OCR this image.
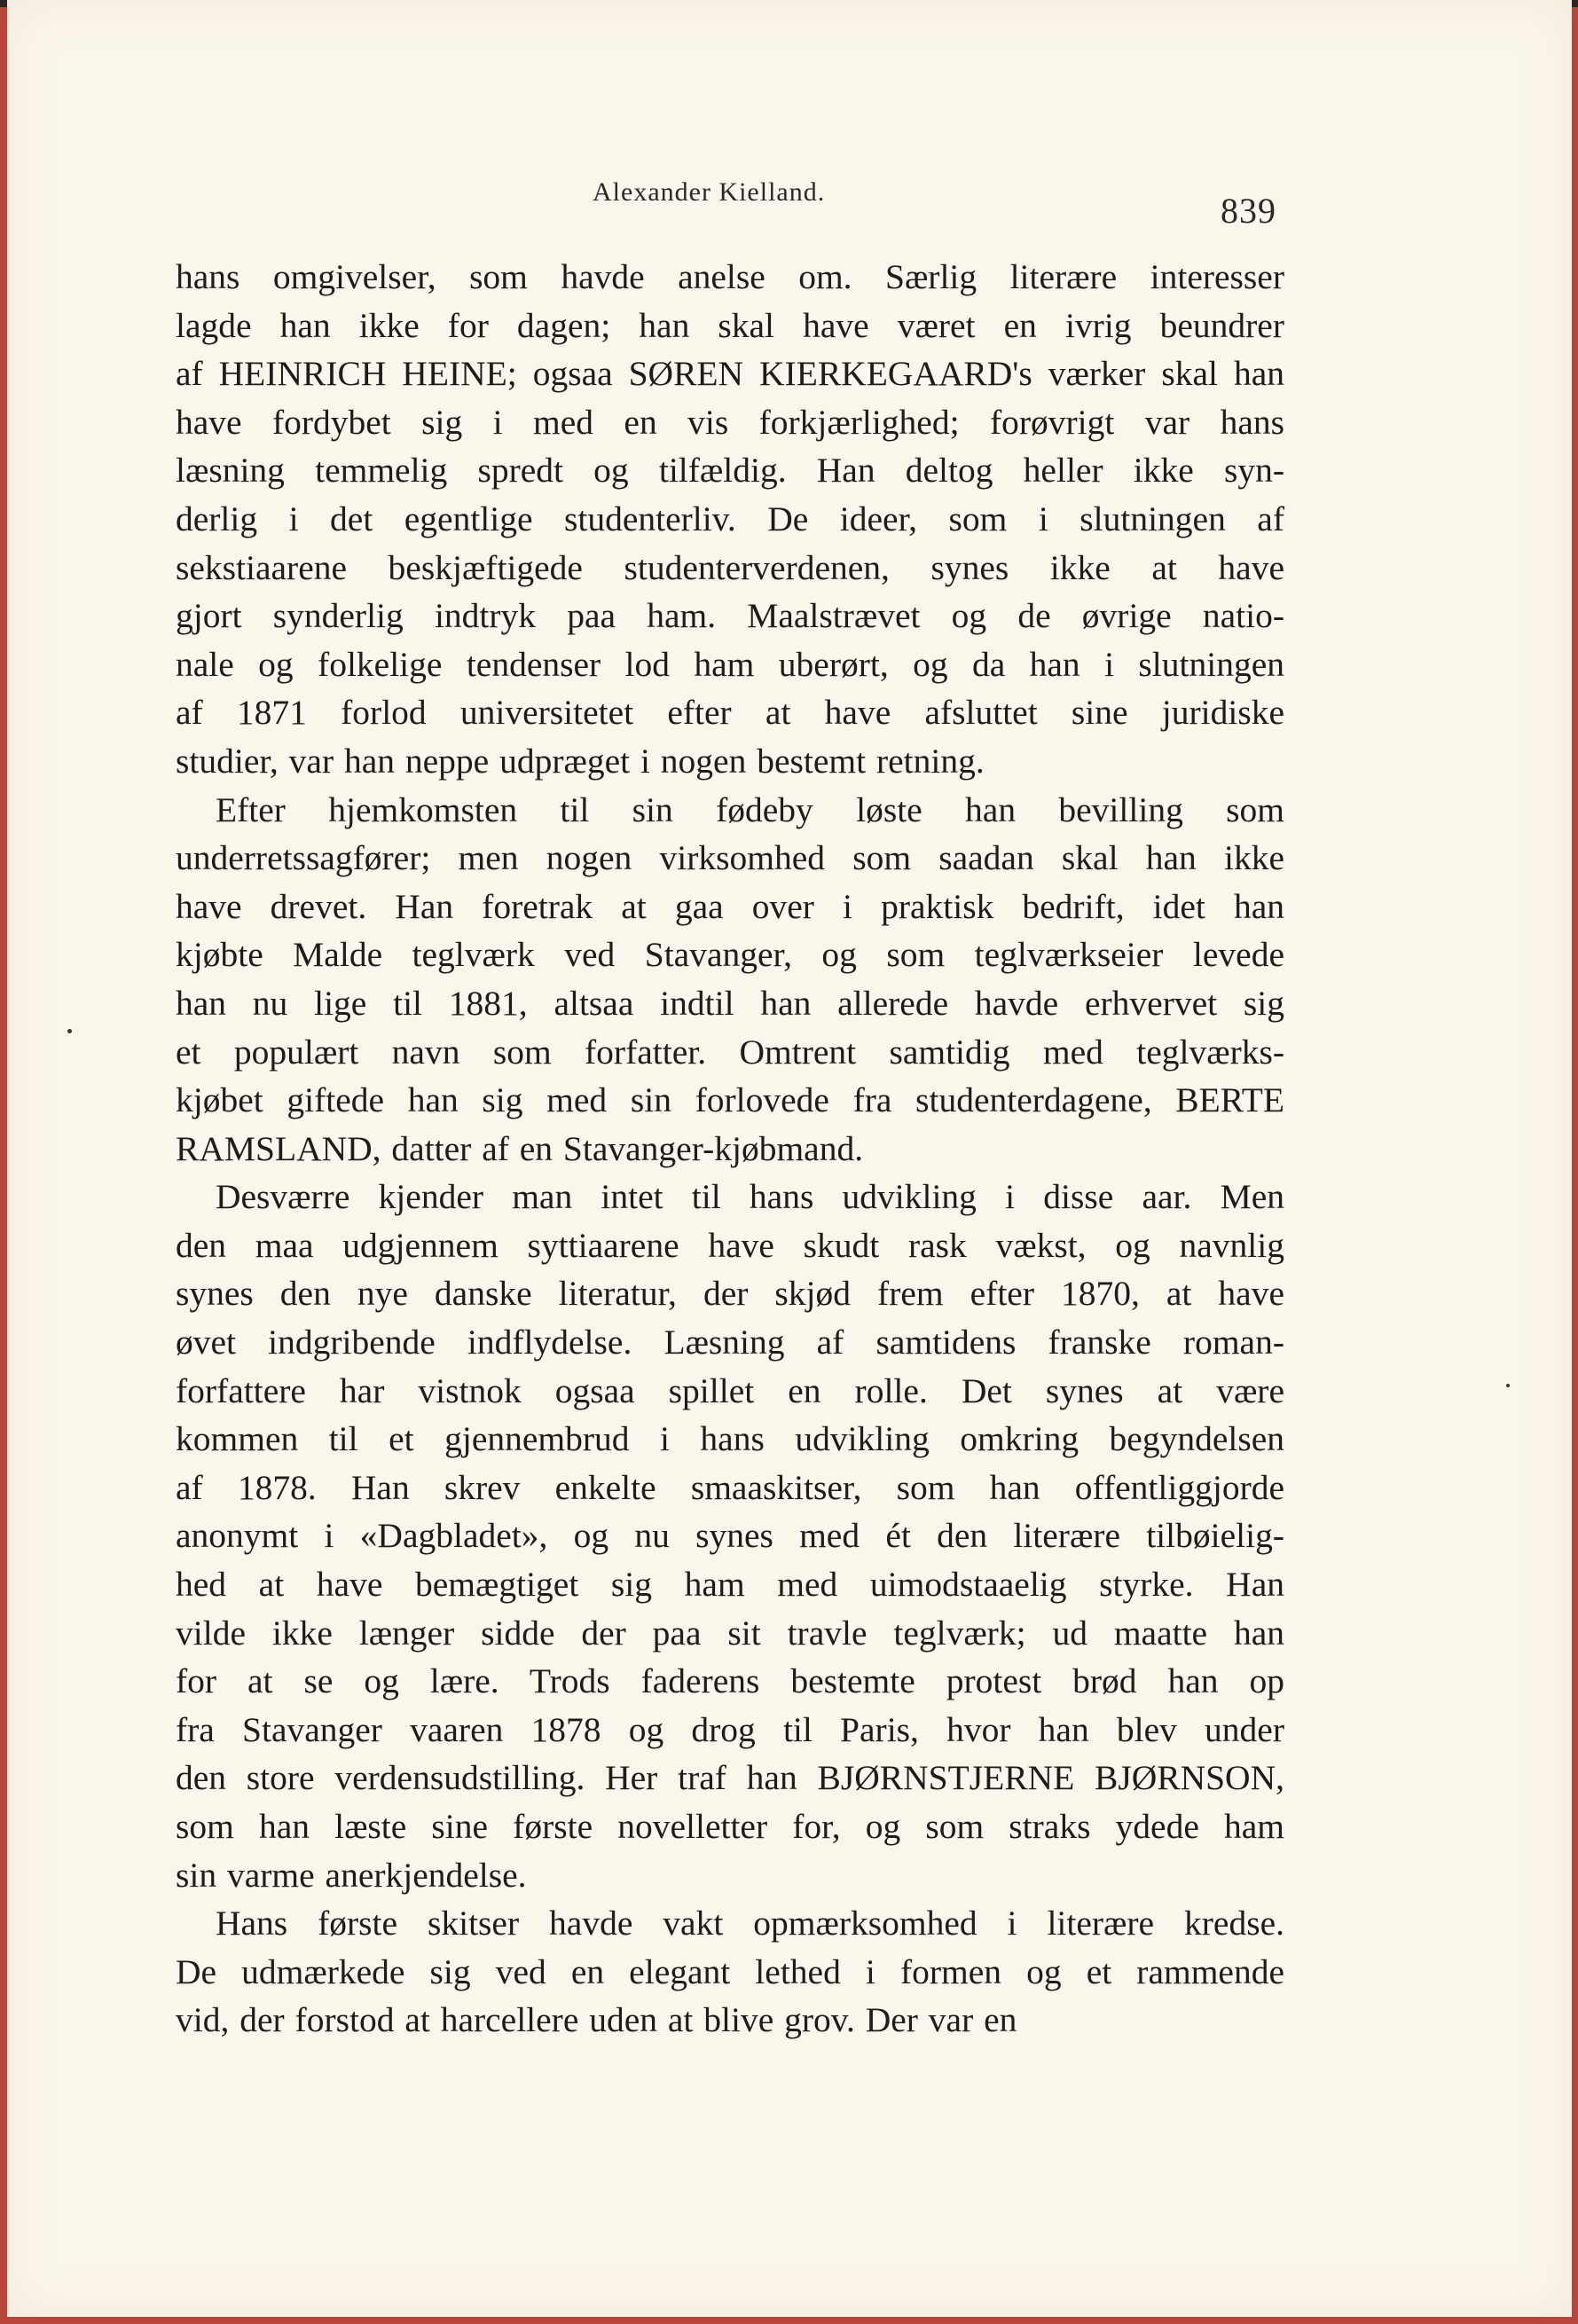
Alexander Kielland.	839
hans omgivelser, som havde anelse om. Særlig literære interesser
lagde han ikke for dagen; han skal have været en ivrig beundrer
af HEINRICH HEINE; ogsaa SØREN KIERKEGAARD's værker skal han
have fordybet sig i med en vis forkjærlighed; forøvrigt var hans
læsning temmelig spredt og tilfældig. Han deltog heller ikke syn-
derlig i det egentlige studenterliv. De ideer, som i slutningen af
sekstiaarene beskjæftigede studenterverdenen, synes ikke at have
gjort synderlig indtryk paa ham. Maalstrævet og de øvrige natio-
nale og folkelige tendenser lod ham uberørt, og da han i slutningen
af 1871 forlod universitetet efter at have afsluttet sine juridiske
studier, var han neppe udpræget i nogen bestemt retning.
Efter hjemkomsten til sin fødeby løste han bevilling som
underretssagfører; men nogen virksomhed som saadan skal han ikke
have drevet. Han foretrak at gaa over i praktisk bedrift, idet han
kjøbte Malde teglværk ved Stavanger, og som teglværkseier levede
han nu lige til 1881, altsaa indtil han allerede havde erhvervet sig
et populært navn som forfatter. Omtrent samtidig med teglværks-
kjøbet giftede han sig med sin forlovede fra studenterdagene, BERTE
RAMSLAND, datter af en Stavanger-kjøbmand.
Desværre kjender man intet til hans udvikling i disse aar. Men
den maa udgjennem syttiaarene have skudt rask vækst, og navnlig
synes den nye danske literatur, der skjød frem efter 1870, at have
øvet indgribende indflydelse. Læsning af samtidens franske roman-
forfattere har vistnok ogsaa spillet en rolle. Det synes at være
kommen til et gjennembrud i hans udvikling omkring begyndelsen
af 1878. Han skrev enkelte smaaskitser, som han offentliggjorde
anonymt i «Dagbladet», og nu synes med ét den literære tilbøielig-
hed at have bemægtiget sig ham med uimodstaaelig styrke. Han
vilde ikke længer sidde der paa sit travle teglværk; ud maatte han
for at se og lære. Trods faderens bestemte protest brød han op
fra Stavanger vaaren 1878 og drog til Paris, hvor han blev under
den store verdensudstilling. Her traf han BJØRNSTJERNE BJØRNSON,
som han læste sine første novelletter for, og som straks ydede ham
sin varme anerkjendelse.
Hans første skitser havde vakt opmærksomhed i literære kredse.
De udmærkede sig ved en elegant lethed i formen og et rammende
vid, der forstod at harcellere uden at blive grov. Der var en
